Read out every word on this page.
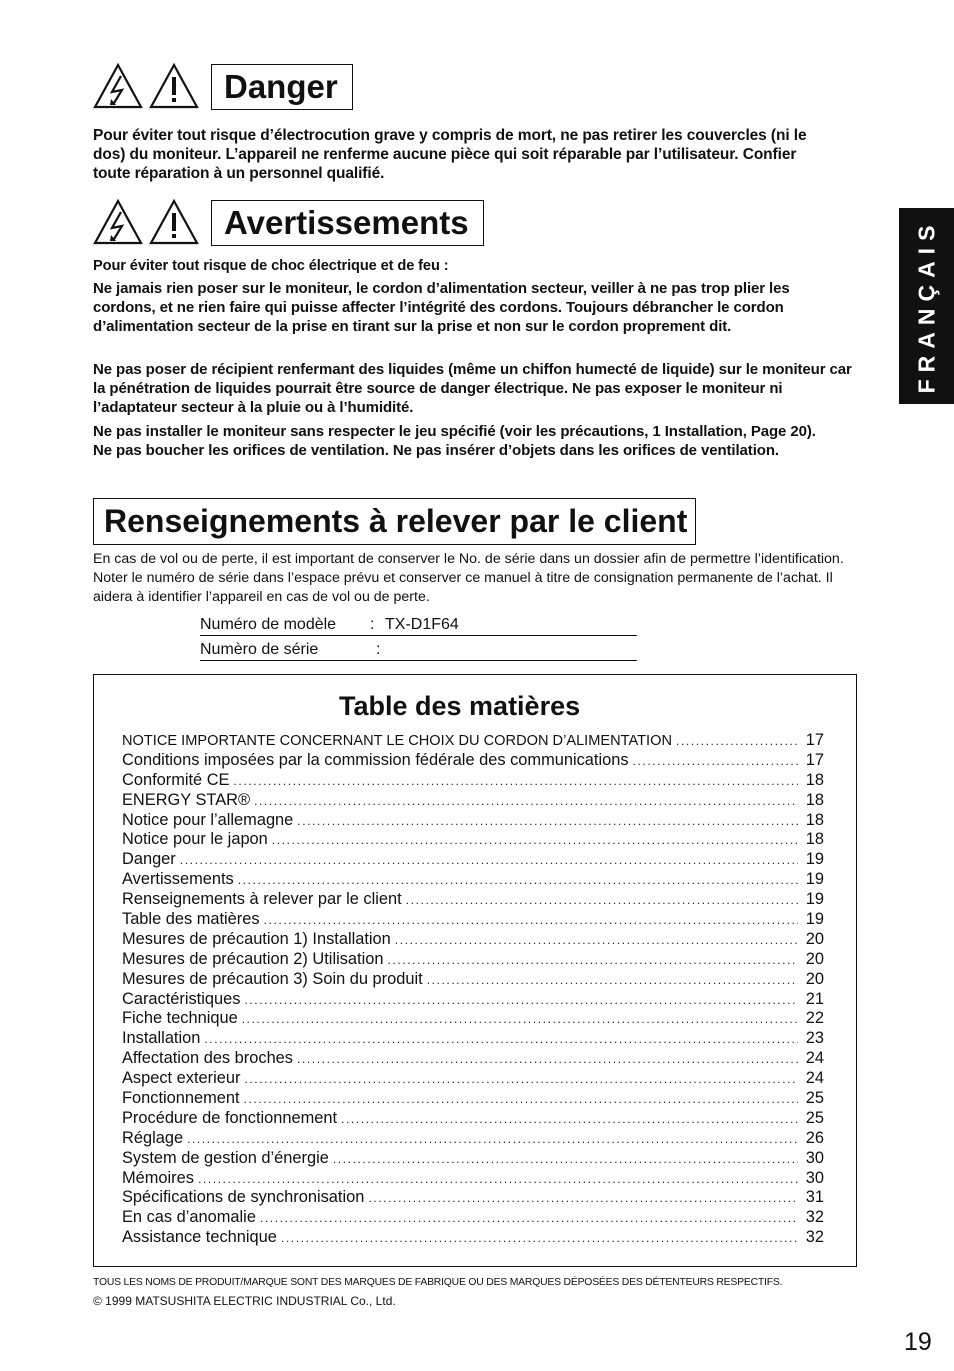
Danger

Pour éviter tout risque d’électrocution grave y compris de mort, ne pas retirer les couvercles (ni le dos) du moniteur. L’appareil ne renferme aucune pièce qui soit réparable par l’utilisateur. Confier toute réparation à un personnel qualifié.

Avertissements

Pour éviter tout risque de choc électrique et de feu :

Ne jamais rien poser sur le moniteur, le cordon d’alimentation secteur, veiller à ne pas trop plier les cordons, et ne rien faire qui puisse affecter l’intégrité des cordons. Toujours débrancher le cordon d’alimentation secteur de la prise en tirant sur la prise et non sur le cordon proprement dit.

Ne pas poser de récipient renfermant des liquides (même un chiffon humecté de liquide) sur le moniteur car la pénétration de liquides pourrait être source de danger électrique. Ne pas exposer le moniteur ni l’adaptateur secteur à la pluie ou à l’humidité.

Ne pas installer le moniteur sans respecter le jeu spécifié (voir les précautions, 1 Installation, Page 20). Ne pas boucher les orifices de ventilation. Ne pas insérer d’objets dans les orifices de ventilation.

Renseignements à relever par le client

En cas de vol ou de perte, il est important de conserver le No. de série dans un dossier afin de permettre l’identification. Noter le numéro de série dans l’espace prévu et conserver ce manuel à titre de consignation permanente de l’achat. Il aidera à identifier l’appareil en cas de vol ou de perte.

Numéro de modèle : TX-D1F64
Numèro de série	:
Table des matières
NOTICE IMPORTANTE CONCERNANT LE CHOIX DU CORDON D’ALIMENTATION .....	17
Conditions imposées par la commission fédérale des communications .....	17
Conformité CE .....	18
ENERGY STAR® .....	18
Notice pour l’allemagne .....	18
Notice pour le japon .....	18
Danger .....	19
Avertissements .....	19
Renseignements à relever par le client .....	19
Table des matières .....	19
Mesures de précaution 1) Installation .....	20
Mesures de précaution 2) Utilisation .....	20
Mesures de précaution 3) Soin du produit .....	20
Caractéristiques .....	21
Fiche technique .....	22
Installation .....	23
Affectation des broches .....	24
Aspect exterieur .....	24
Fonctionnement .....	25
Procédure de fonctionnement .....	25
Réglage .....	26
System de gestion d’énergie .....	30
Mémoires .....	30
Spécifications de synchronisation .....	31
En cas d’anomalie .....	32
Assistance technique .....	32
FRANÇAIS

TOUS LES NOMS DE PRODUIT/MARQUE SONT DES MARQUES DE FABRIQUE OU DES MARQUES DÉPOSÉES DES DÉTENTEURS RESPECTIFS.

© 1999 MATSUSHITA ELECTRIC INDUSTRIAL Co., Ltd.

19
